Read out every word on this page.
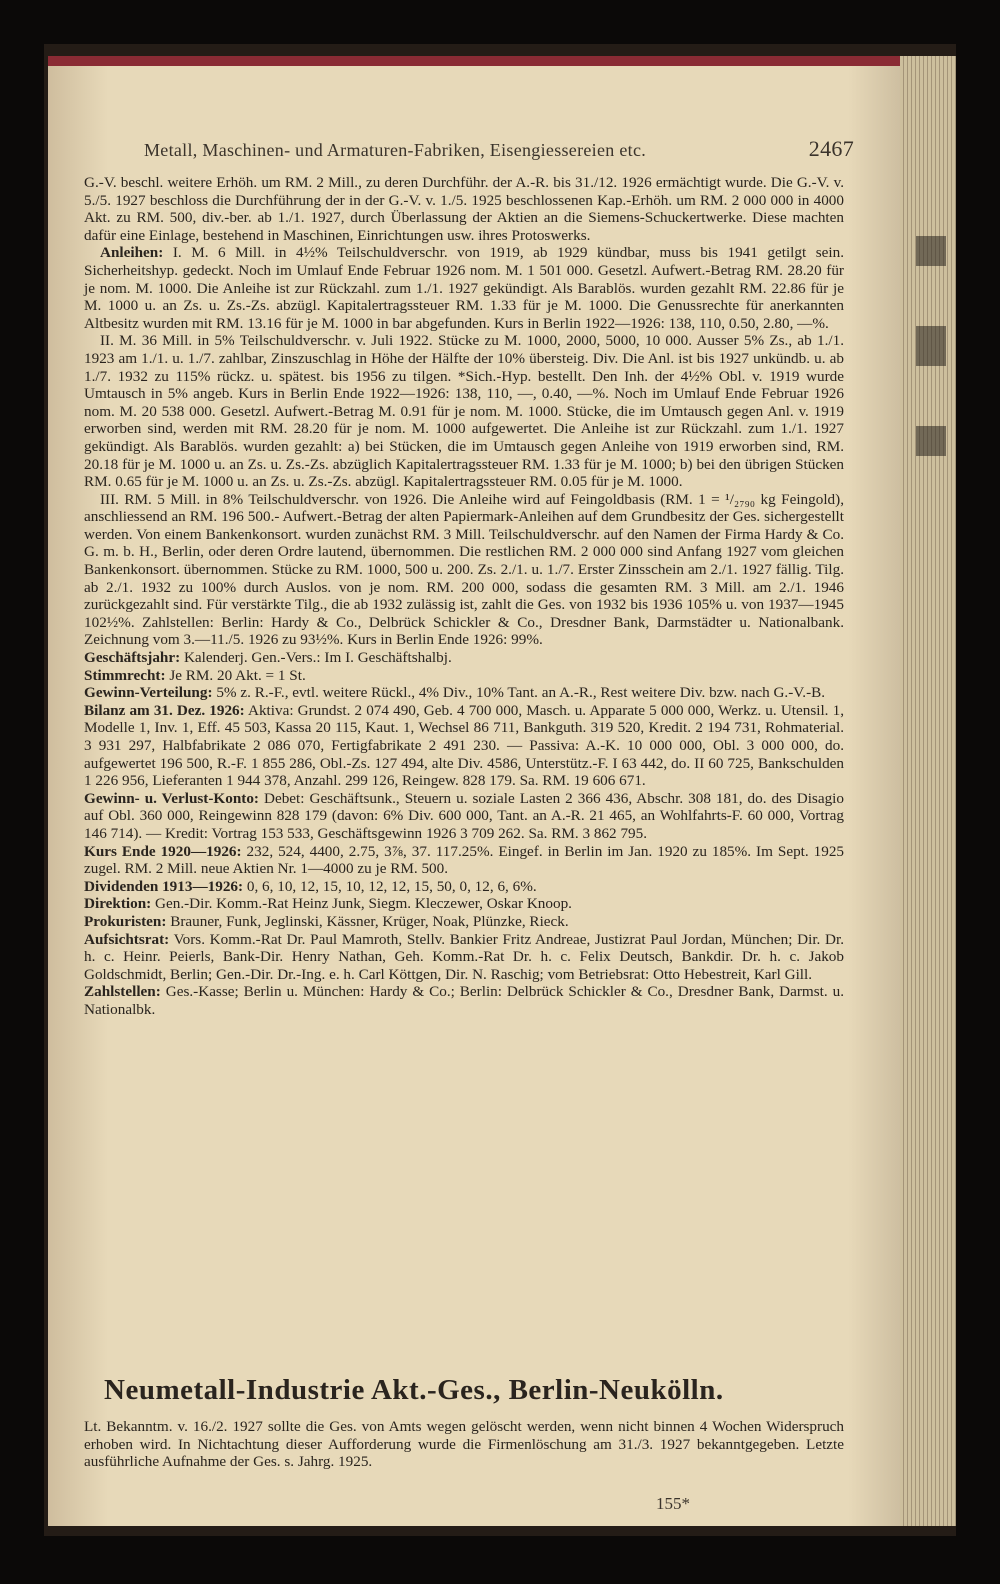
Metall, Maschinen- und Armaturen-Fabriken, Eisengiessereien etc.	2467

G.-V. beschl. weitere Erhöh. um RM. 2 Mill., zu deren Durchführ. der A.-R. bis 31./12. 1926 ermächtigt wurde. Die G.-V. v. 5./5. 1927 beschloss die Durchführung der in der G.-V. v. 1./5. 1925 beschlossenen Kap.-Erhöh. um RM. 2 000 000 in 4000 Akt. zu RM. 500, div.-ber. ab 1./1. 1927, durch Überlassung der Aktien an die Siemens-Schuckertwerke. Diese machten dafür eine Einlage, bestehend in Maschinen, Einrichtungen usw. ihres Protoswerks.

Anleihen: I. M. 6 Mill. in 4½% Teilschuldverschr. von 1919, ab 1929 kündbar, muss bis 1941 getilgt sein. Sicherheitshyp. gedeckt. Noch im Umlauf Ende Februar 1926 nom. M. 1 501 000. Gesetzl. Aufwert.-Betrag RM. 28.20 für je nom. M. 1000. Die Anleihe ist zur Rückzahl. zum 1./1. 1927 gekündigt. Als Barablös. wurden gezahlt RM. 22.86 für je M. 1000 u. an Zs. u. Zs.-Zs. abzügl. Kapitalertragssteuer RM. 1.33 für je M. 1000. Die Genussrechte für anerkannten Altbesitz wurden mit RM. 13.16 für je M. 1000 in bar abgefunden. Kurs in Berlin 1922—1926: 138, 110, 0.50, 2.80, —%.

II. M. 36 Mill. in 5% Teilschuldverschr. v. Juli 1922. Stücke zu M. 1000, 2000, 5000, 10 000. Ausser 5% Zs., ab 1./1. 1923 am 1./1. u. 1./7. zahlbar, Zinszuschlag in Höhe der Hälfte der 10% übersteig. Div. Die Anl. ist bis 1927 unkündb. u. ab 1./7. 1932 zu 115% rückz. u. spätest. bis 1956 zu tilgen. *Sich.-Hyp. bestellt. Den Inh. der 4½% Obl. v. 1919 wurde Umtausch in 5% angeb. Kurs in Berlin Ende 1922—1926: 138, 110, —, 0.40, —%. Noch im Umlauf Ende Februar 1926 nom. M. 20 538 000. Gesetzl. Aufwert.-Betrag M. 0.91 für je nom. M. 1000. Stücke, die im Umtausch gegen Anl. v. 1919 erworben sind, werden mit RM. 28.20 für je nom. M. 1000 aufgewertet. Die Anleihe ist zur Rückzahl. zum 1./1. 1927 gekündigt. Als Barablös. wurden gezahlt: a) bei Stücken, die im Umtausch gegen Anleihe von 1919 erworben sind, RM. 20.18 für je M. 1000 u. an Zs. u. Zs.-Zs. abzüglich Kapitalertragssteuer RM. 1.33 für je M. 1000; b) bei den übrigen Stücken RM. 0.65 für je M. 1000 u. an Zs. u. Zs.-Zs. abzügl. Kapitalertragssteuer RM. 0.05 für je M. 1000.

III. RM. 5 Mill. in 8% Teilschuldverschr. von 1926. Die Anleihe wird auf Feingoldbasis (RM. 1 = ¹/₂₇₉₀ kg Feingold), anschliessend an RM. 196 500.- Aufwert.-Betrag der alten Papiermark-Anleihen auf dem Grundbesitz der Ges. sichergestellt werden. Von einem Bankenkonsort. wurden zunächst RM. 3 Mill. Teilschuldverschr. auf den Namen der Firma Hardy & Co. G. m. b. H., Berlin, oder deren Ordre lautend, übernommen. Die restlichen RM. 2 000 000 sind Anfang 1927 vom gleichen Bankenkonsort. übernommen. Stücke zu RM. 1000, 500 u. 200. Zs. 2./1. u. 1./7. Erster Zinsschein am 2./1. 1927 fällig. Tilg. ab 2./1. 1932 zu 100% durch Auslos. von je nom. RM. 200 000, sodass die gesamten RM. 3 Mill. am 2./1. 1946 zurückgezahlt sind. Für verstärkte Tilg., die ab 1932 zulässig ist, zahlt die Ges. von 1932 bis 1936 105% u. von 1937—1945 102½%. Zahlstellen: Berlin: Hardy & Co., Delbrück Schickler & Co., Dresdner Bank, Darmstädter u. Nationalbank. Zeichnung vom 3.—11./5. 1926 zu 93½%. Kurs in Berlin Ende 1926: 99%.

Geschäftsjahr: Kalenderj. Gen.-Vers.: Im I. Geschäftshalbj.

Stimmrecht: Je RM. 20 Akt. = 1 St.

Gewinn-Verteilung: 5% z. R.-F., evtl. weitere Rückl., 4% Div., 10% Tant. an A.-R., Rest weitere Div. bzw. nach G.-V.-B.

Bilanz am 31. Dez. 1926: Aktiva: Grundst. 2 074 490, Geb. 4 700 000, Masch. u. Apparate 5 000 000, Werkz. u. Utensil. 1, Modelle 1, Inv. 1, Eff. 45 503, Kassa 20 115, Kaut. 1, Wechsel 86 711, Bankguth. 319 520, Kredit. 2 194 731, Rohmaterial. 3 931 297, Halbfabrikate 2 086 070, Fertigfabrikate 2 491 230. — Passiva: A.-K. 10 000 000, Obl. 3 000 000, do. aufgewertet 196 500, R.-F. 1 855 286, Obl.-Zs. 127 494, alte Div. 4586, Unterstütz.-F. I 63 442, do. II 60 725, Bankschulden 1 226 956, Lieferanten 1 944 378, Anzahl. 299 126, Reingew. 828 179. Sa. RM. 19 606 671.

Gewinn- u. Verlust-Konto: Debet: Geschäftsunk., Steuern u. soziale Lasten 2 366 436, Abschr. 308 181, do. des Disagio auf Obl. 360 000, Reingewinn 828 179 (davon: 6% Div. 600 000, Tant. an A.-R. 21 465, an Wohlfahrts-F. 60 000, Vortrag 146 714). — Kredit: Vortrag 153 533, Geschäftsgewinn 1926 3 709 262. Sa. RM. 3 862 795.

Kurs Ende 1920—1926: 232, 524, 4400, 2.75, 3⅞, 37. 117.25%. Eingef. in Berlin im Jan. 1920 zu 185%. Im Sept. 1925 zugel. RM. 2 Mill. neue Aktien Nr. 1—4000 zu je RM. 500.

Dividenden 1913—1926: 0, 6, 10, 12, 15, 10, 12, 12, 15, 50, 0, 12, 6, 6%.

Direktion: Gen.-Dir. Komm.-Rat Heinz Junk, Siegm. Kleczewer, Oskar Knoop.

Prokuristen: Brauner, Funk, Jeglinski, Kässner, Krüger, Noak, Plünzke, Rieck.

Aufsichtsrat: Vors. Komm.-Rat Dr. Paul Mamroth, Stellv. Bankier Fritz Andreae, Justizrat Paul Jordan, München; Dir. Dr. h. c. Heinr. Peierls, Bank-Dir. Henry Nathan, Geh. Komm.-Rat Dr. h. c. Felix Deutsch, Bankdir. Dr. h. c. Jakob Goldschmidt, Berlin; Gen.-Dir. Dr.-Ing. e. h. Carl Köttgen, Dir. N. Raschig; vom Betriebsrat: Otto Hebestreit, Karl Gill.

Zahlstellen: Ges.-Kasse; Berlin u. München: Hardy & Co.; Berlin: Delbrück Schickler & Co., Dresdner Bank, Darmst. u. Nationalbk.

Neumetall-Industrie Akt.-Ges., Berlin-Neukölln.

Lt. Bekanntm. v. 16./2. 1927 sollte die Ges. von Amts wegen gelöscht werden, wenn nicht binnen 4 Wochen Widerspruch erhoben wird. In Nichtachtung dieser Aufforderung wurde die Firmenlöschung am 31./3. 1927 bekanntgegeben. Letzte ausführliche Aufnahme der Ges. s. Jahrg. 1925.

155*
